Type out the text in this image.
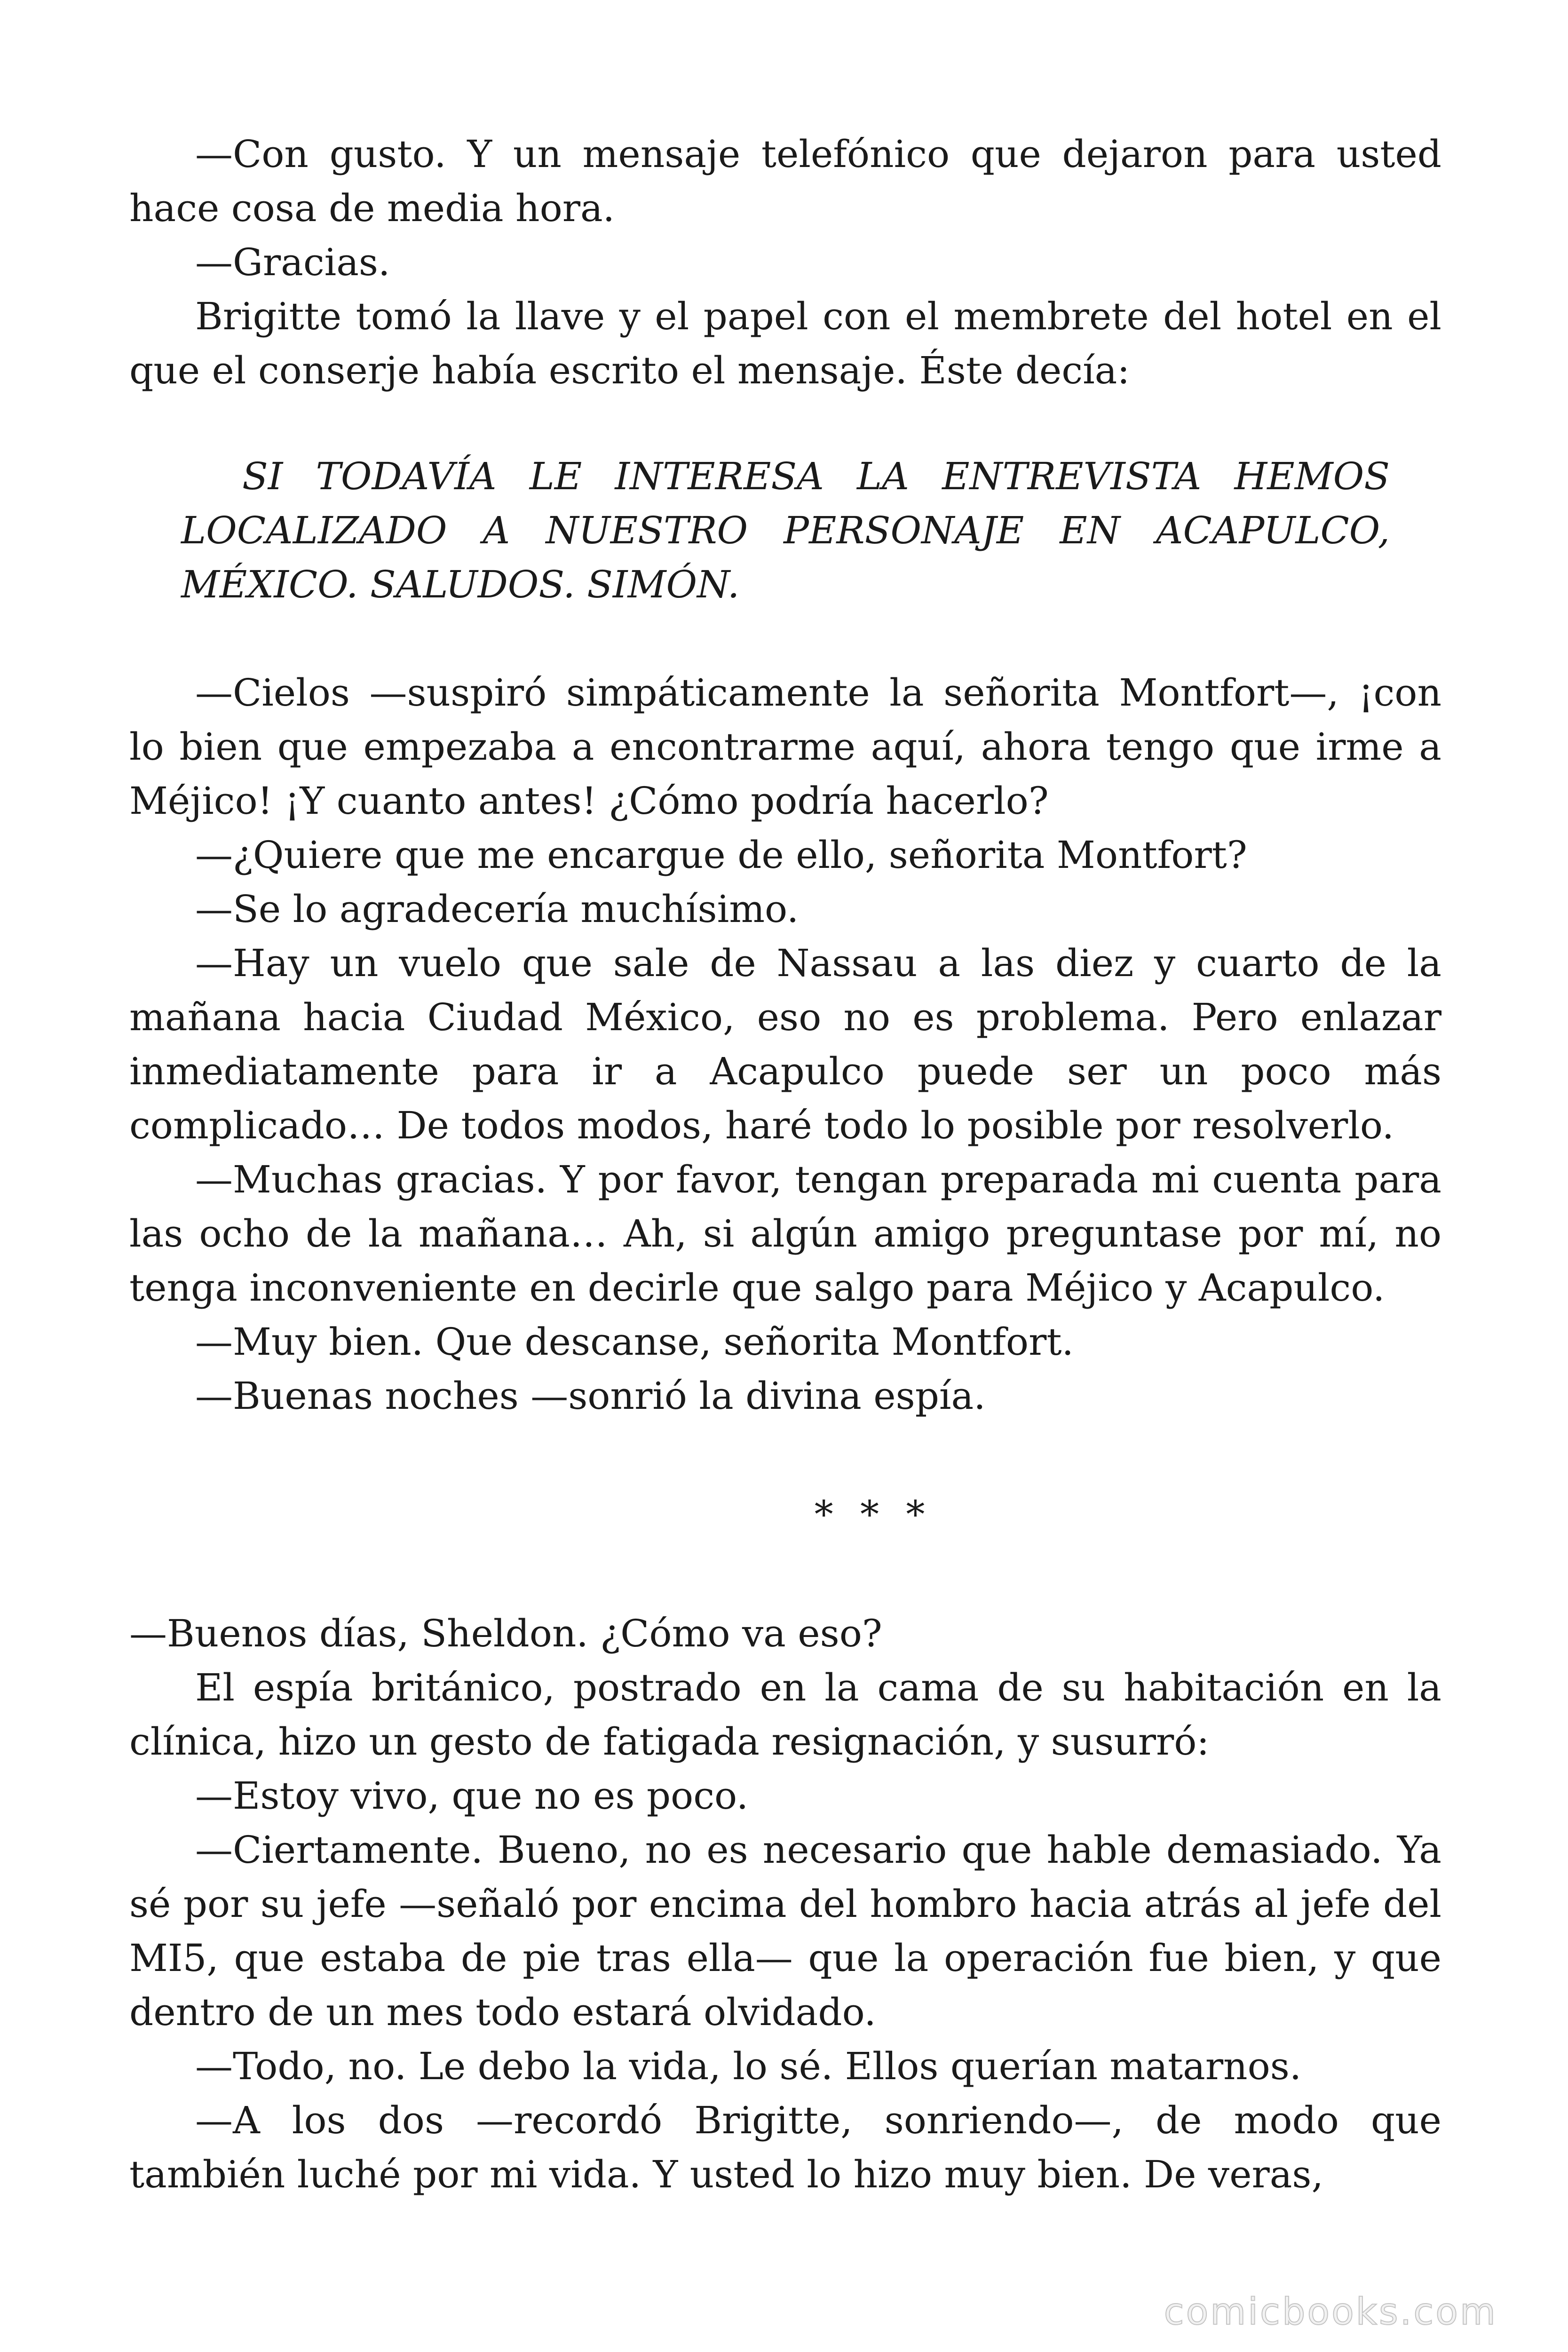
—Con gusto. Y un mensaje telefónico que dejaron para usted hace cosa de media hora.

—Gracias.

Brigitte tomó la llave y el papel con el membrete del hotel en el que el conserje había escrito el mensaje. Éste decía:

SI TODAVÍA LE INTERESA LA ENTREVISTA HEMOS LOCALIZADO A NUESTRO PERSONAJE EN ACAPULCO, MÉXICO. SALUDOS. SIMÓN.

—Cielos —suspiró simpáticamente la señorita Montfort—, ¡con lo bien que empezaba a encontrarme aquí, ahora tengo que irme a Méjico! ¡Y cuanto antes! ¿Cómo podría hacerlo?

—¿Quiere que me encargue de ello, señorita Montfort?

—Se lo agradecería muchísimo.

—Hay un vuelo que sale de Nassau a las diez y cuarto de la mañana hacia Ciudad México, eso no es problema. Pero enlazar inmediatamente para ir a Acapulco puede ser un poco más complicado… De todos modos, haré todo lo posible por resolverlo.

—Muchas gracias. Y por favor, tengan preparada mi cuenta para las ocho de la mañana… Ah, si algún amigo preguntase por mí, no tenga inconveniente en decirle que salgo para Méjico y Acapulco.

—Muy bien. Que descanse, señorita Montfort.

—Buenas noches —sonrió la divina espía.

* * *

—Buenos días, Sheldon. ¿Cómo va eso?

El espía británico, postrado en la cama de su habitación en la clínica, hizo un gesto de fatigada resignación, y susurró:

—Estoy vivo, que no es poco.

—Ciertamente. Bueno, no es necesario que hable demasiado. Ya sé por su jefe —señaló por encima del hombro hacia atrás al jefe del MI5, que estaba de pie tras ella— que la operación fue bien, y que dentro de un mes todo estará olvidado.

—Todo, no. Le debo la vida, lo sé. Ellos querían matarnos.

—A los dos —recordó Brigitte, sonriendo—, de modo que también luché por mi vida. Y usted lo hizo muy bien. De veras,

comicbooks.com
